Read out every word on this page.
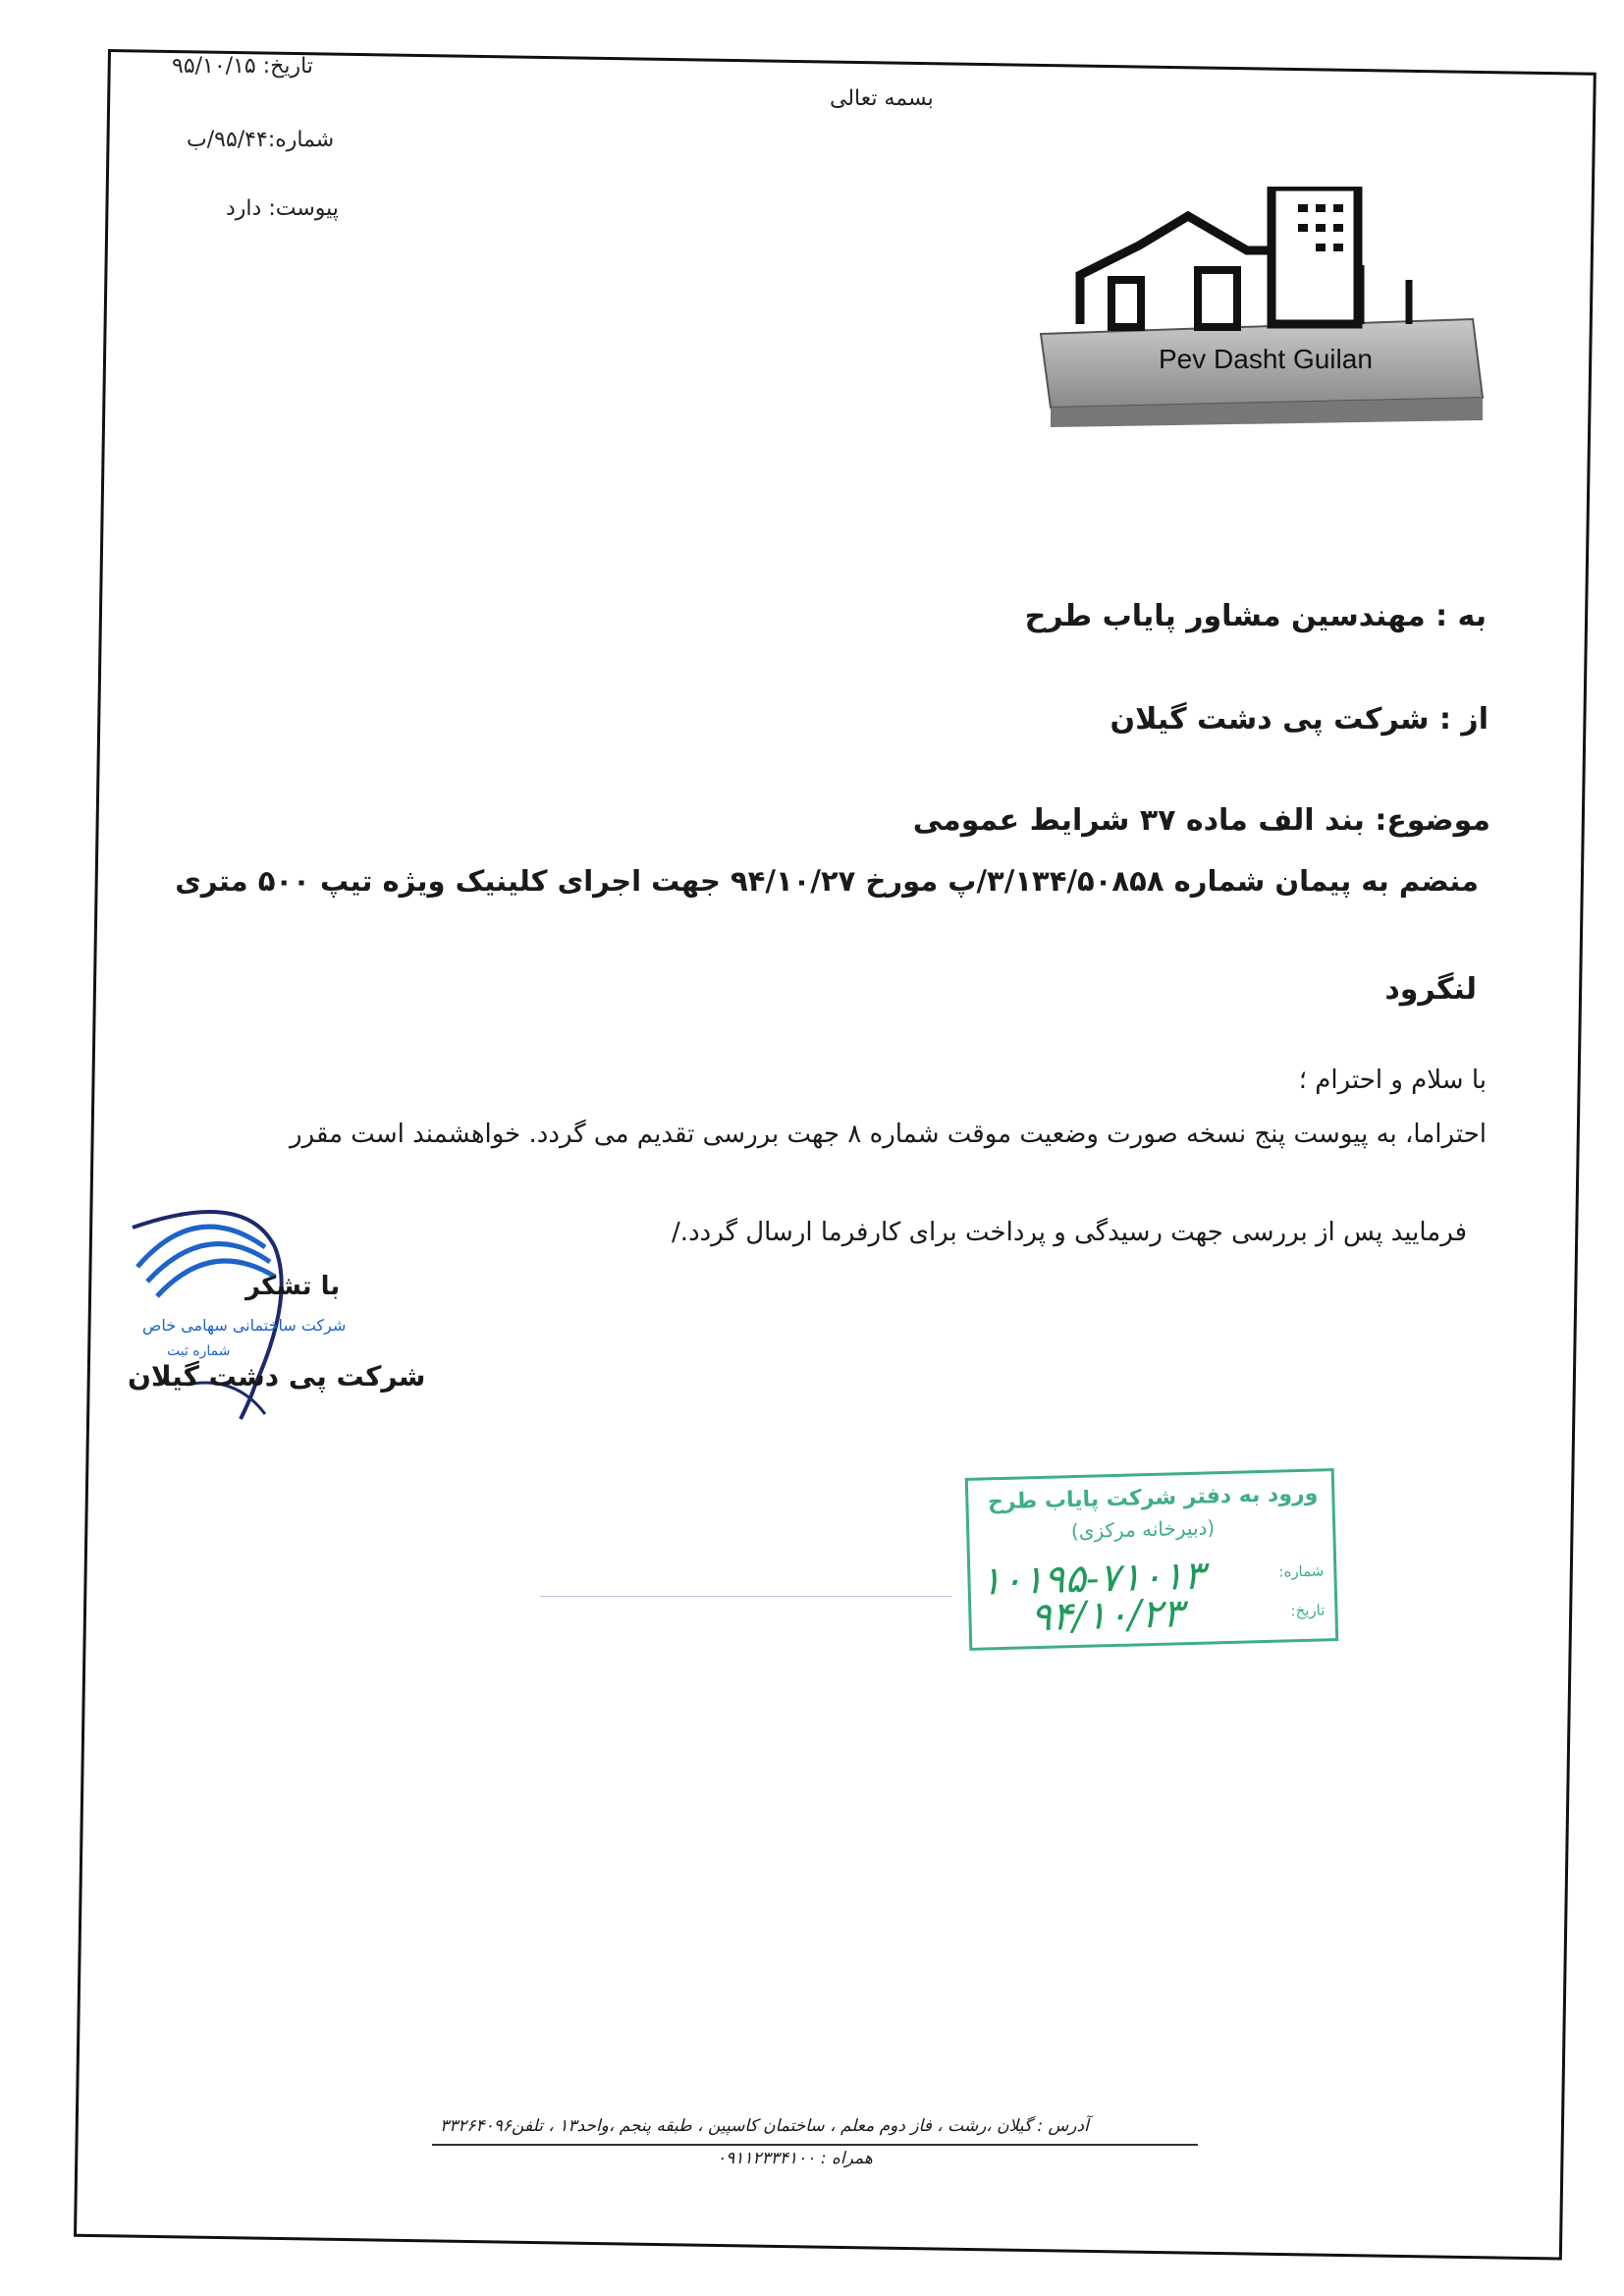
تاریخ: ۹۵/۱۰/۱۵
شماره:۹۵/۴۴/ب
پیوست: دارد
بسمه تعالی
Pev Dasht Guilan
به : مهندسین مشاور پایاب طرح
از : شرکت پی دشت گیلان
موضوع: بند الف ماده ۳۷ شرایط عمومی
منضم به پیمان شماره ۳/۱۳۴/۵۰۸۵۸/پ مورخ ۹۴/۱۰/۲۷ جهت اجرای کلینیک ویژه تیپ ۵۰۰ متری
لنگرود
با سلام و احترام ؛
احتراما، به پیوست پنج نسخه صورت وضعیت موقت شماره ۸ جهت بررسی تقدیم می گردد. خواهشمند است مقرر
فرمایید پس از بررسی جهت رسیدگی و پرداخت برای کارفرما ارسال گردد./
شرکت ساختمانی سهامی خاص
شماره ثبت
با تشکر
شرکت پی دشت گیلان
ورود به دفتر شرکت پایاب طرح
(دبیرخانه مرکزی)
شماره:
تاریخ:
۱۰۱۹۵-۷۱۰۱۳
۹۴/۱۰/۲۳
آدرس : گیلان ،رشت ، فاز دوم معلم ، ساختمان کاسپین ، طبقه پنجم ،واحد۱۳ ، تلفن۳۳۲۶۴۰۹۶
همراه : ۰۹۱۱۲۳۳۴۱۰۰
